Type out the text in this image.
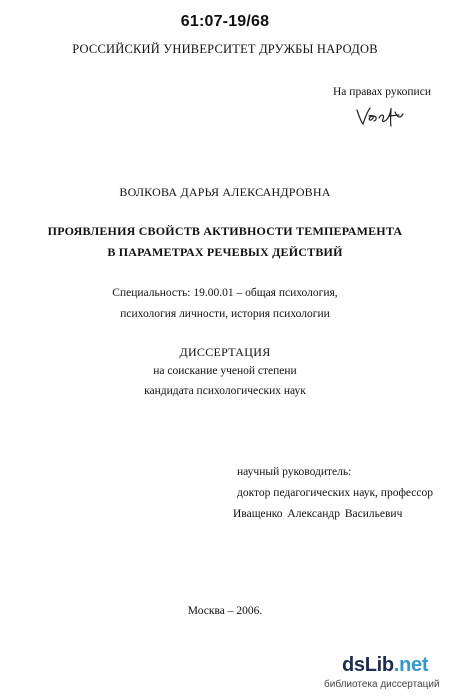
61:07-19/68
РОССИЙСКИЙ УНИВЕРСИТЕТ ДРУЖБЫ НАРОДОВ
На правах рукописи
ВОЛКОВА ДАРЬЯ АЛЕКСАНДРОВНА
ПРОЯВЛЕНИЯ СВОЙСТВ АКТИВНОСТИ ТЕМПЕРАМЕНТА
В ПАРАМЕТРАХ РЕЧЕВЫХ ДЕЙСТВИЙ
Специальность: 19.00.01 – общая психология,
психология личности, история психологии
ДИССЕРТАЦИЯ
на соискание ученой степени
кандидата психологических наук
научный руководитель:
доктор педагогических наук, профессор
Иващенко Александр Васильевич
Москва – 2006.
dsLib.net
библиотека диссертаций
